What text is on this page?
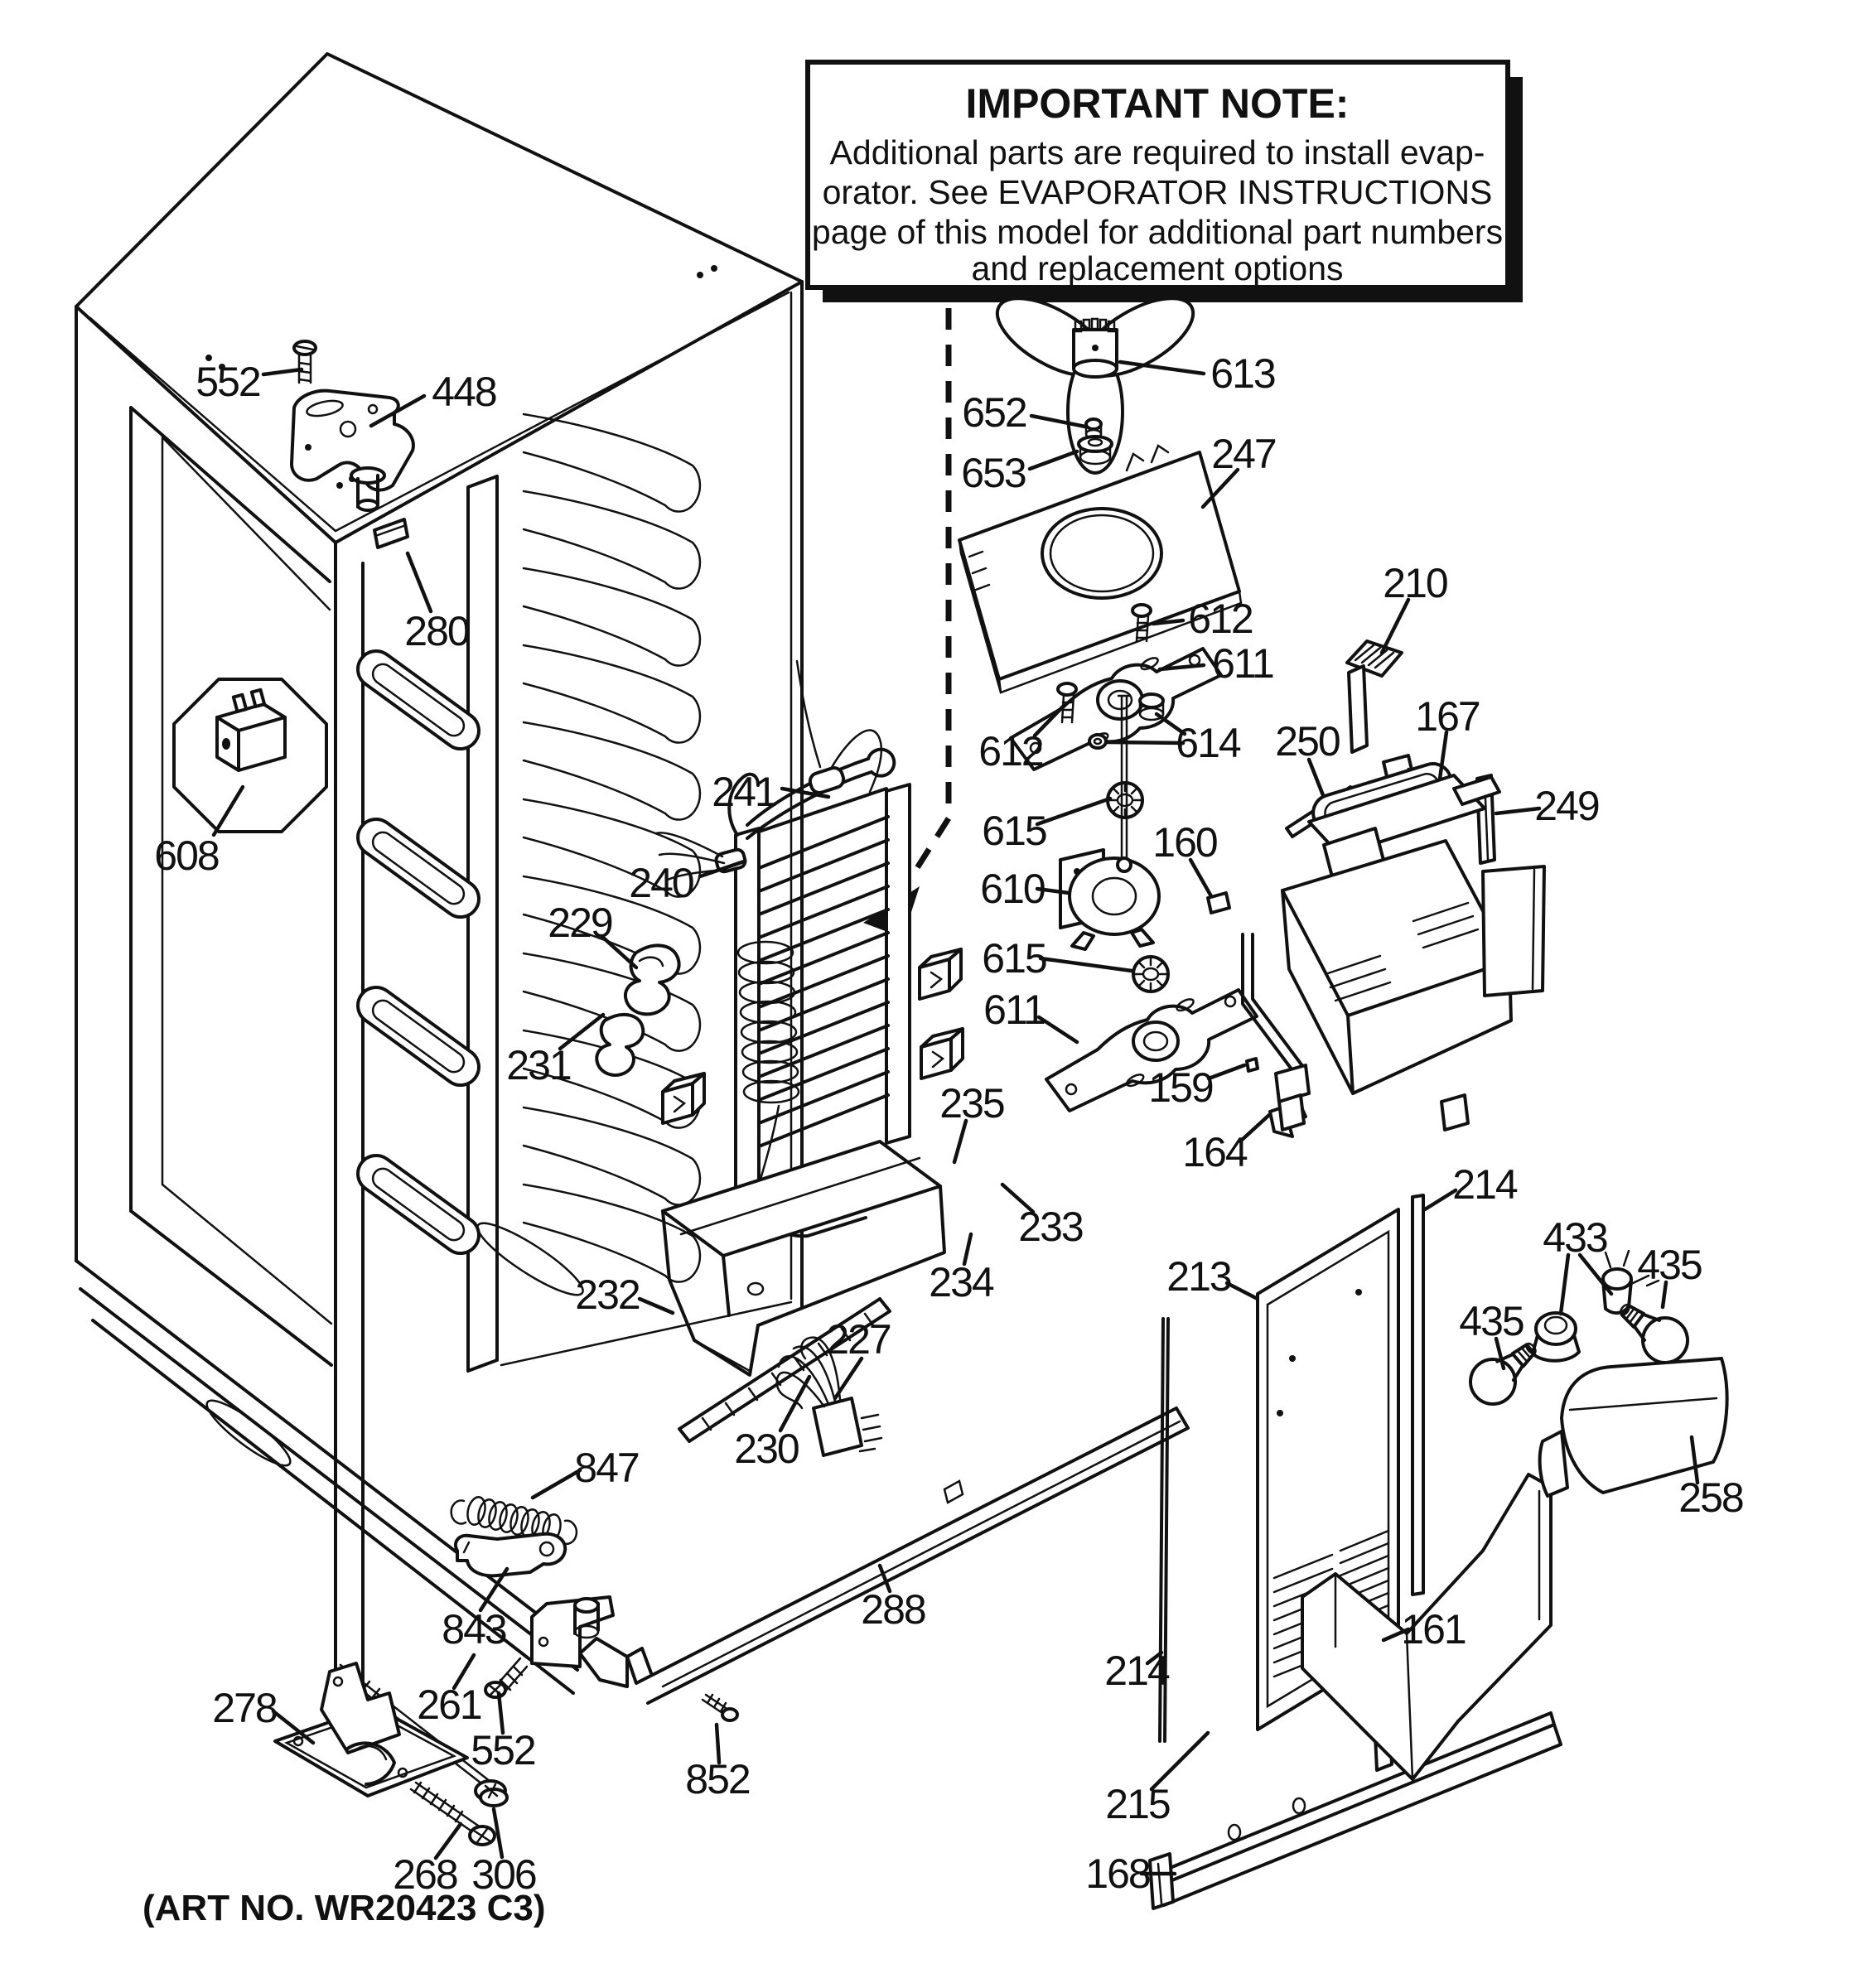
IMPORTANT NOTE:
Additional parts are required to install evap-
orator. See EVAPORATOR INSTRUCTIONS
page of this model for additional part numbers
and replacement options
552	448
280
608
241
240
229
231
232
230
227
235
234
233
613
652
653	247
612
611
612	614
615
610
160
615
611
159
164
210
250
167
249
213
214
433
435
435
258
161
214
215
168
847
843
261
552
852
288
278
268 306
(ART NO. WR20423 C3)
